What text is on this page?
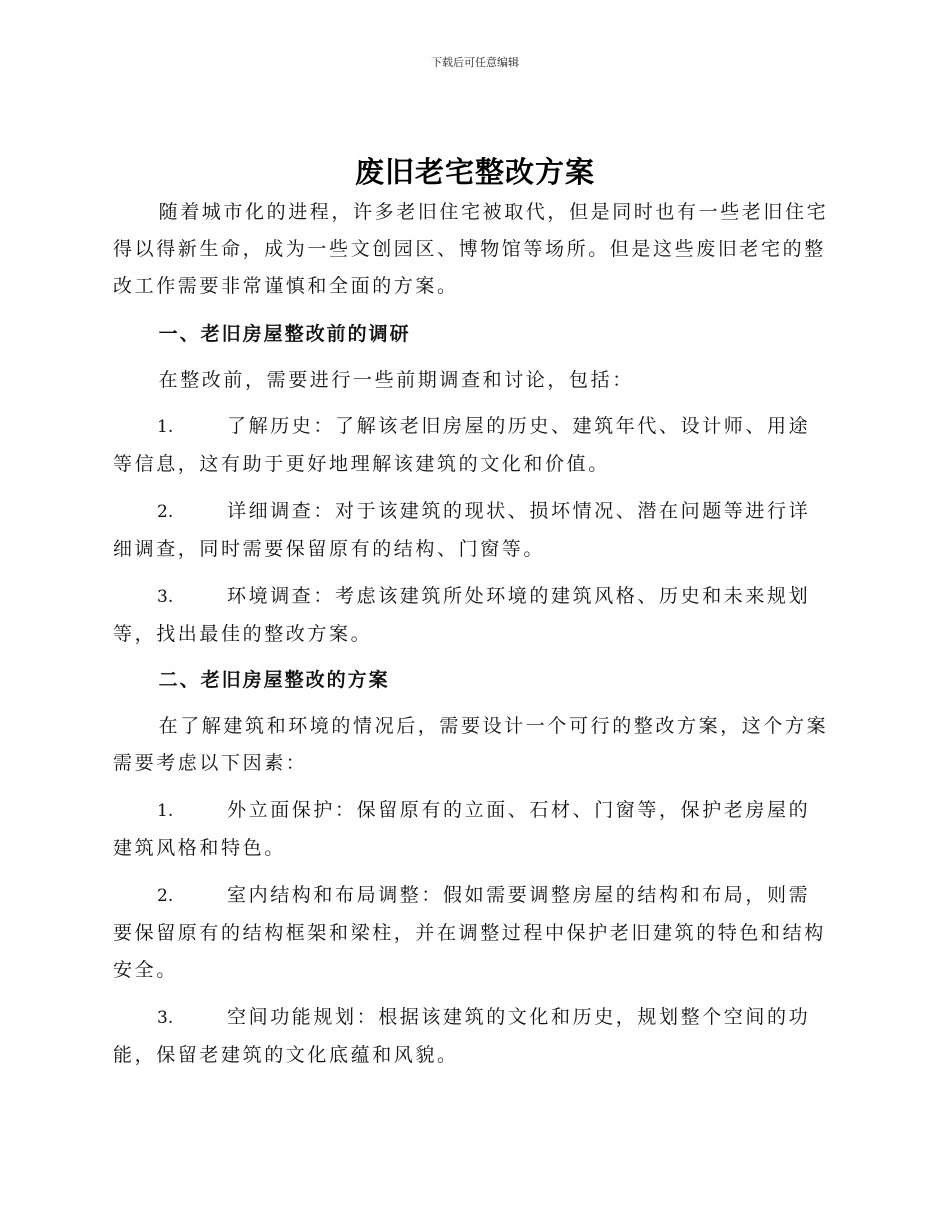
下载后可任意编辑
废旧老宅整改方案

随着城市化的进程，许多老旧住宅被取代，但是同时也有一些老旧住宅得以得新生命，成为一些文创园区、博物馆等场所。但是这些废旧老宅的整改工作需要非常谨慎和全面的方案。

一、老旧房屋整改前的调研

在整改前，需要进行一些前期调查和讨论，包括：

1.	了解历史：了解该老旧房屋的历史、建筑年代、设计师、用途等信息，这有助于更好地理解该建筑的文化和价值。

2.	详细调查：对于该建筑的现状、损坏情况、潜在问题等进行详细调查，同时需要保留原有的结构、门窗等。

3.	环境调查：考虑该建筑所处环境的建筑风格、历史和未来规划等，找出最佳的整改方案。

二、老旧房屋整改的方案

在了解建筑和环境的情况后，需要设计一个可行的整改方案，这个方案需要考虑以下因素：

1.	外立面保护：保留原有的立面、石材、门窗等，保护老房屋的建筑风格和特色。

2.	室内结构和布局调整：假如需要调整房屋的结构和布局，则需要保留原有的结构框架和梁柱，并在调整过程中保护老旧建筑的特色和结构安全。

3.	空间功能规划：根据该建筑的文化和历史，规划整个空间的功能，保留老建筑的文化底蕴和风貌。
